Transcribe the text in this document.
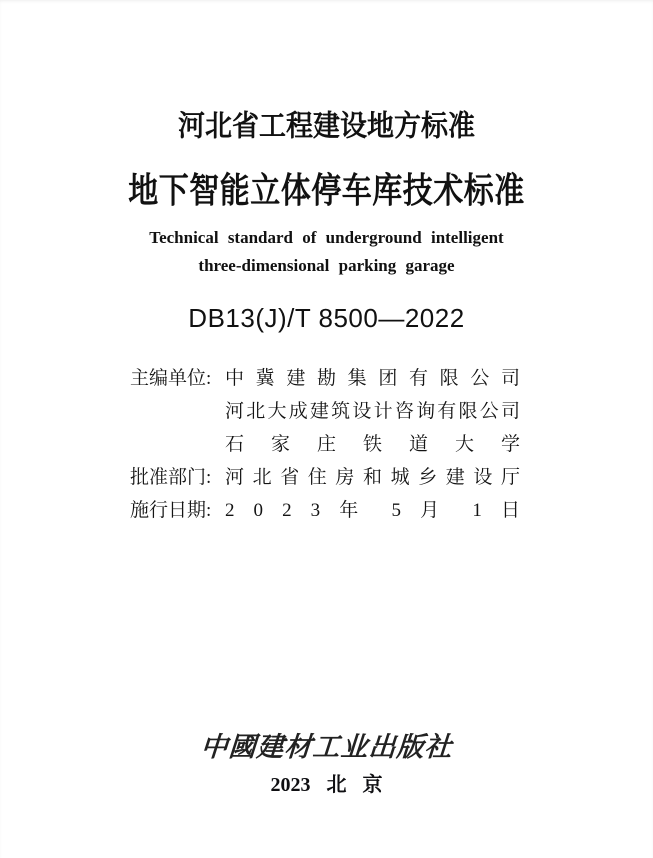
河北省工程建设地方标准
地下智能立体停车库技术标准
Technical standard of underground intelligent
three-dimensional parking garage
DB13(J)/T 8500—2022
主编单位: 中冀建勘集团有限公司
河北大成建筑设计咨询有限公司
石家庄铁道大学
批准部门: 河北省住房和城乡建设厅
施行日期: 2 0 2 3 年 5 月 1 日
中國建材工业出版社
2023 北 京
